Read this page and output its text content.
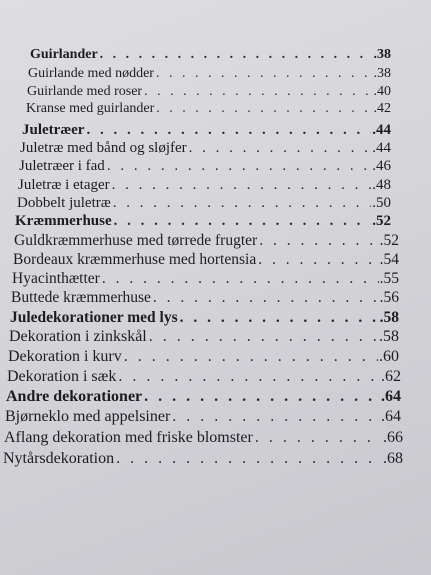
Guirlander . . .	.38
Guirlande med nødder . . .	.38
Guirlande med roser . . .	.40
Kranse med guirlander . . .	.42
Juletræer . . .	.44
Juletræ med bånd og sløjfer . . .	.44
Juletræer i fad . . .	.46
Juletræ i etager . . .	.48
Dobbelt juletræ . . .	.50
Kræmmerhuse . . .	.52
Guldkræmmerhuse med tørrede frugter . . .	.52
Bordeaux kræmmerhuse med hortensia . . .	.54
Hyacinthætter . . .	.55
Buttede kræmmerhuse . . .	.56
Juledekorationer med lys . . .	.58
Dekoration i zinkskål . . .	.58
Dekoration i kurv . . .	.60
Dekoration i sæk . . .	.62
Andre dekorationer . . .	.64
Bjørneklo med appelsiner . . .	.64
Aflang dekoration med friske blomster . . .	.66
Nytårsdekoration . . .	.68
